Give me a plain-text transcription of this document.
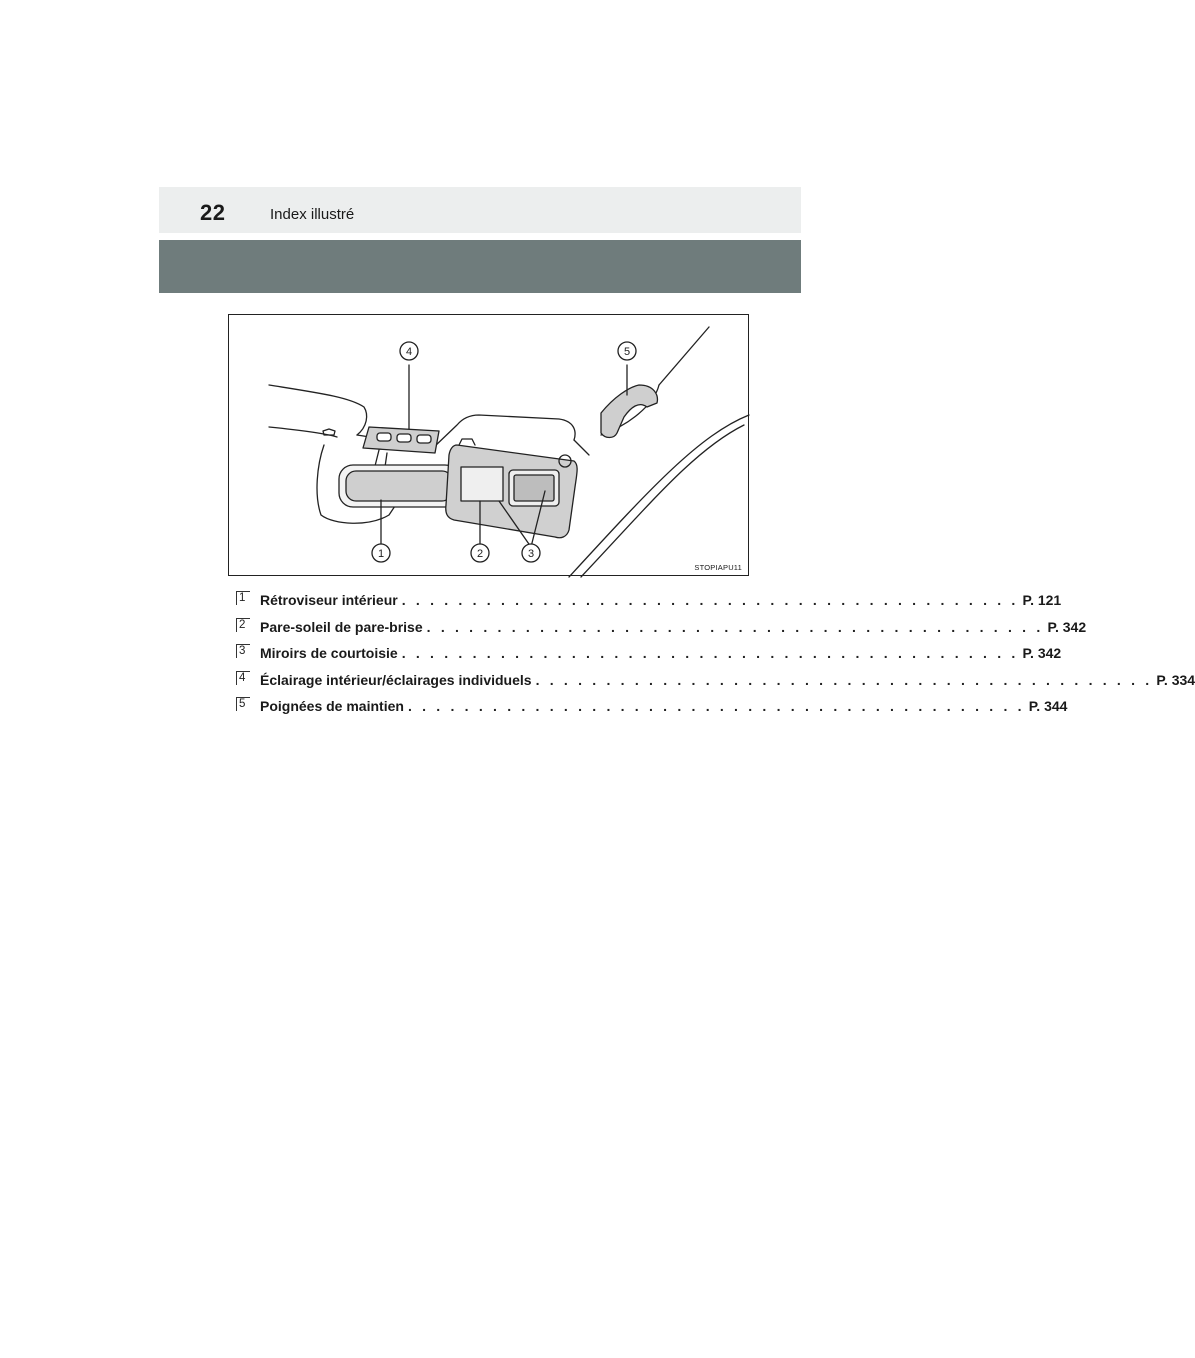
22	Index illustré
1	2	3
4	5
STOPIAPU11
1	Rétroviseur intérieur . . . . . . . . . . . . . . . . . . . . . . . . . . . . . . . . . . . . . . . . . . . . P. 121
2	Pare-soleil de pare-brise . . . . . . . . . . . . . . . . . . . . . . . . . . . . . . . . . . . . . . . . . . . . P. 342
3	Miroirs de courtoisie . . . . . . . . . . . . . . . . . . . . . . . . . . . . . . . . . . . . . . . . . . . . P. 342
4	Éclairage intérieur/éclairages individuels . . . . . . . . . . . . . . . . . . . . . . . . . . . . . . . . . . . . . . . . . . . . P. 334
5	Poignées de maintien . . . . . . . . . . . . . . . . . . . . . . . . . . . . . . . . . . . . . . . . . . . . P. 344
